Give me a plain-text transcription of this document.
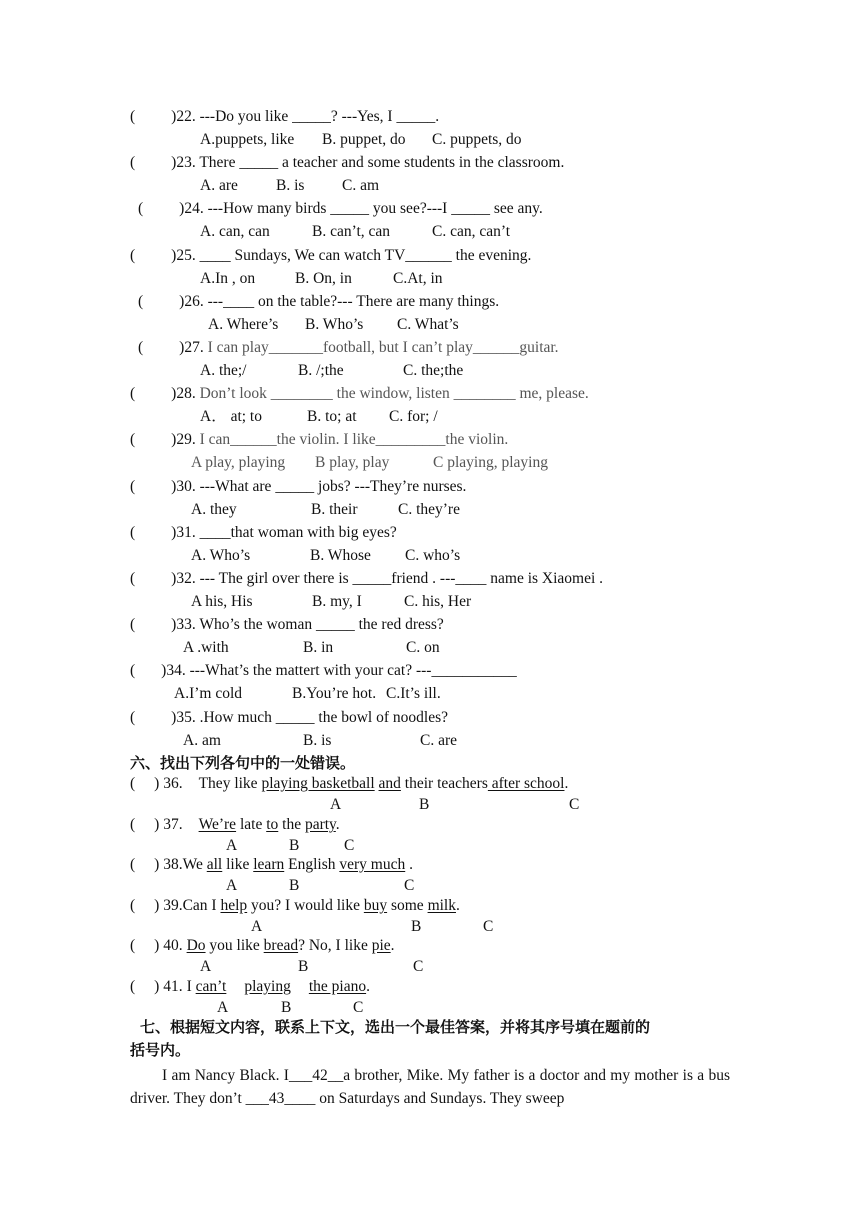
( )22. ---Do you like _____? ---Yes, I _____.
A.puppets, like B. puppet, do C. puppets, do
( )23. There _____ a teacher and some students in the classroom.
A. are B. is C. am
( )24. ---How many birds _____ you see?---I _____ see any.
A. can, can	B. can’t, can	C. can, can’t
( )25. ____ Sundays, We can watch TV______ the evening.
A.In , on	B. On, in	C.At, in
( )26. ---____ on the table?--- There are many things.
A. Where’s B. Who’s C. What’s
( )27. I can play_______football, but I can’t play______guitar.
A. the;/	B. /;the	C. the;the
( )28. Don’t look ________ the window, listen ________ me, please.
A． at; to	B. to; at C. for; /
( )29. I can______the violin. I like_________the violin.
A play, playing B play, play	C playing, playing
( )30. ---What are _____ jobs? ---They’re nurses.
A. they	B. their	C. they’re
( )31. ____that woman with big eyes?
A. Who’s	B. Whose C. who’s
( )32. --- The girl over there is _____friend . ---____ name is Xiaomei .
A his, His	B. my, I	C. his, Her
( )33. Who’s the woman _____ the red dress?
A .with	B. in	C. on
( )34. ---What’s the mattert with your cat? ---___________
A.I’m cold	B.You’re hot. C.It’s ill.
( )35. .How much _____ the bowl of noodles?
A. am	B. is	C. are
六、找出下列各句中的一处错误。
( ) 36. They like playing basketball and their teachers after school.
A	B	C
( ) 37. We’re late to the party.
A	B	C
( ) 38.We all like learn English very much .
A	B	C
( ) 39.Can I help you? I would like buy some milk.
A	B	C
( ) 40. Do you like bread? No, I like pie.
A	B	C
( ) 41. I can’t playing the piano.
A	B	C
七、根据短文内容，联系上下文，选出一个最佳答案，并将其序号填在题前的
括号内。

I am Nancy Black. I___42__a brother, Mike. My father is a doctor and my mother is a bus driver. They don’t ___43____ on Saturdays and Sundays. They sweep
